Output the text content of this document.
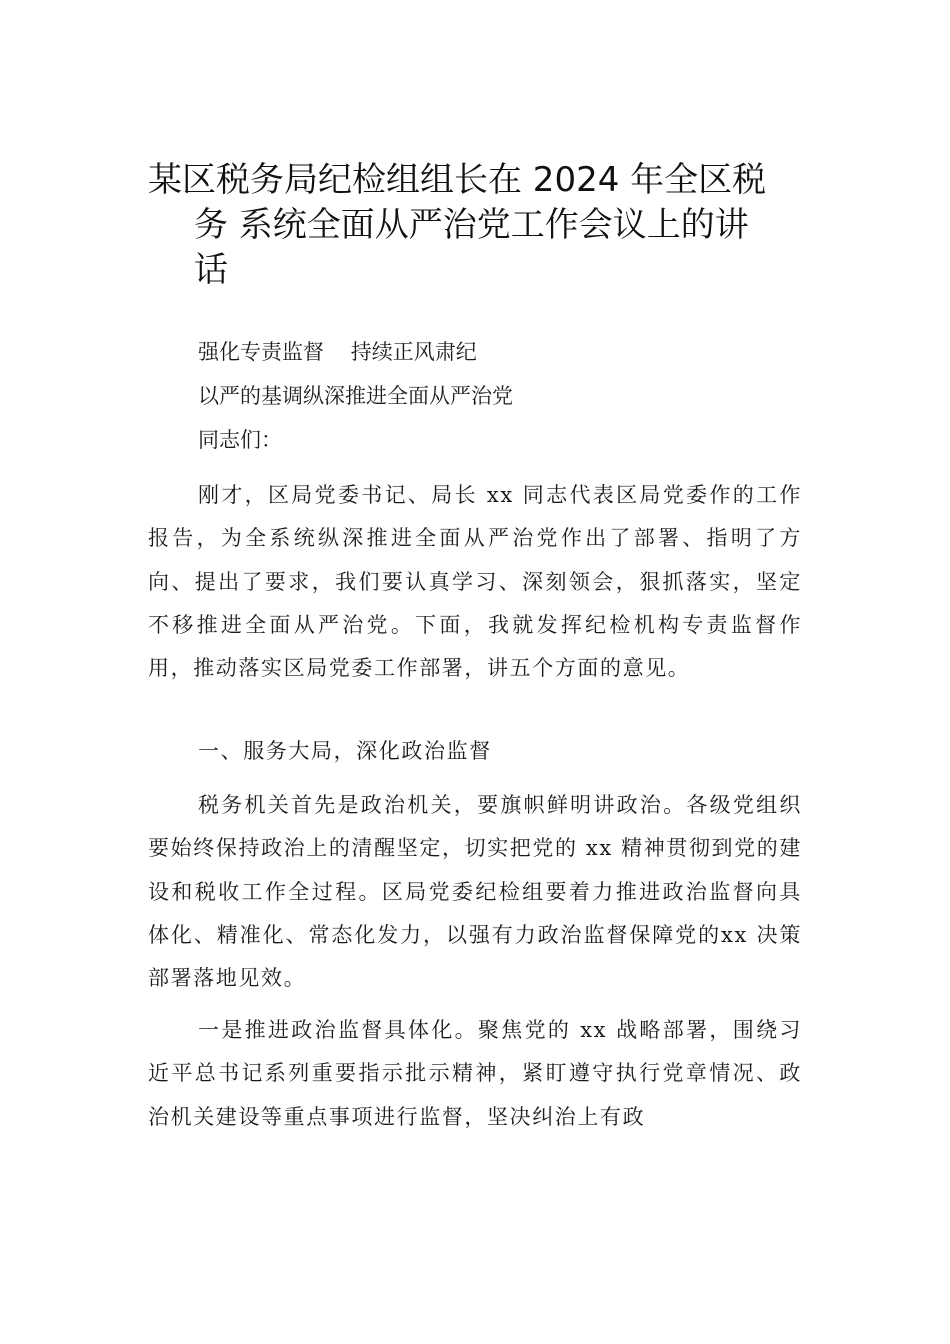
某区税务局纪检组组长在 2024 年全区税
务 系统全面从严治党工作会议上的讲
话
强化专责监督    持续正风肃纪
以严的基调纵深推进全面从严治党
同志们：

刚才，区局党委书记、局长 xx 同志代表区局党委作的工作报告，为全系统纵深推进全面从严治党作出了部署、指明了方向、提出了要求，我们要认真学习、深刻领会，狠抓落实，坚定不移推进全面从严治党。下面，我就发挥纪检机构专责监督作用，推动落实区局党委工作部署，讲五个方面的意见。

一、服务大局，深化政治监督

税务机关首先是政治机关，要旗帜鲜明讲政治。各级党组织要始终保持政治上的清醒坚定，切实把党的 xx 精神贯彻到党的建设和税收工作全过程。区局党委纪检组要着力推进政治监督向具体化、精准化、常态化发力，以强有力政治监督保障党的xx 决策部署落地见效。

一是推进政治监督具体化。聚焦党的 xx 战略部署，围绕习近平总书记系列重要指示批示精神，紧盯遵守执行党章情况、政治机关建设等重点事项进行监督，坚决纠治上有政
